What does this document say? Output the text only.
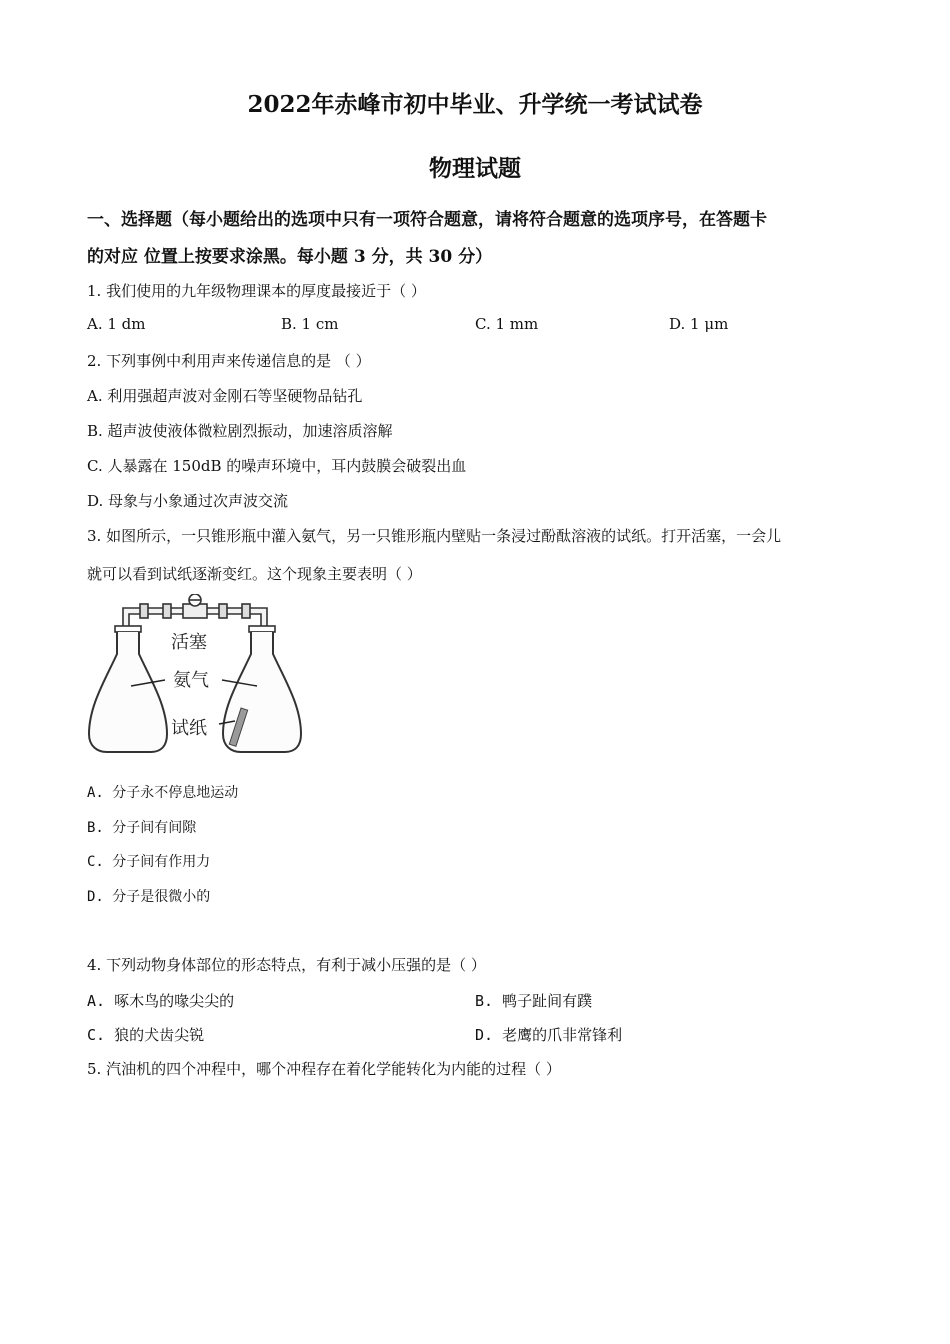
2022年赤峰市初中毕业、升学统一考试试卷
物理试题
一、选择题（每小题给出的选项中只有一项符合题意，请将符合题意的选项序号，在答题卡
的对应 位置上按要求涂黑。每小题 3 分，共 30 分）
1. 我们使用的九年级物理课本的厚度最接近于（ ）
A. 1 dm	B. 1 cm	C. 1 mm	D. 1 μm
2. 下列事例中利用声来传递信息的是 （ ）
A. 利用强超声波对金刚石等坚硬物品钻孔
B. 超声波使液体微粒剧烈振动，加速溶质溶解
C. 人暴露在 150dB 的噪声环境中，耳内鼓膜会破裂出血
D. 母象与小象通过次声波交流
3. 如图所示，一只锥形瓶中灌入氨气，另一只锥形瓶内壁贴一条浸过酚酞溶液的试纸。打开活塞，一会儿
就可以看到试纸逐渐变红。这个现象主要表明（ ）
活塞
氨气
试纸
A. 分子永不停息地运动
B. 分子间有间隙
C. 分子间有作用力
D. 分子是很微小的
4. 下列动物身体部位的形态特点，有利于减小压强的是（ ）
A. 啄木鸟的喙尖尖的	B. 鸭子趾间有蹼
C. 狼的犬齿尖锐	D. 老鹰的爪非常锋利
5. 汽油机的四个冲程中，哪个冲程存在着化学能转化为内能的过程（ ）
